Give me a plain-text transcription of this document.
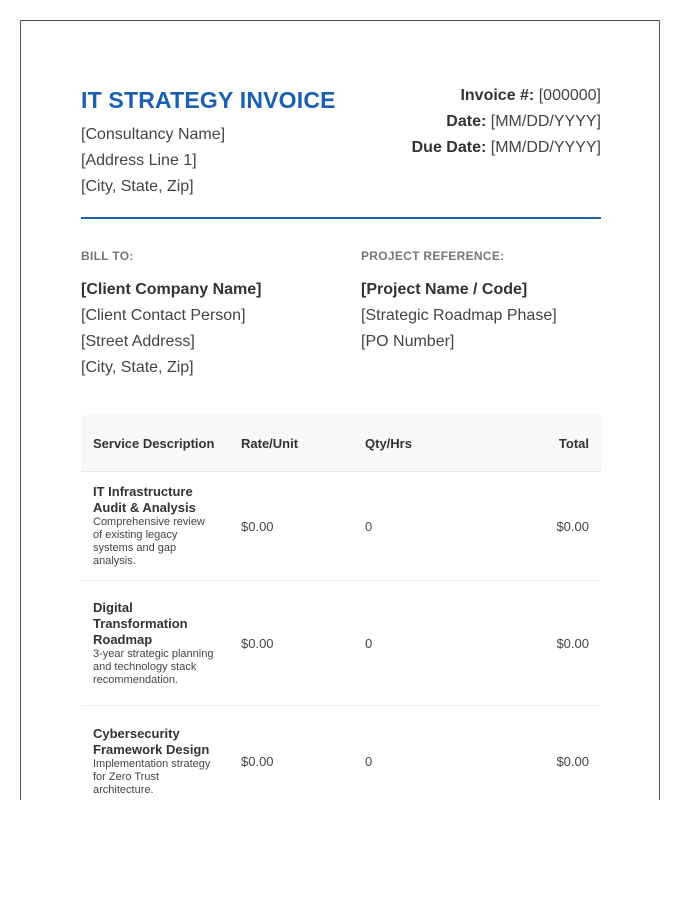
IT STRATEGY INVOICE
[Consultancy Name]
[Address Line 1]
[City, State, Zip]
Invoice #: [000000]
Date: [MM/DD/YYYY]
Due Date: [MM/DD/YYYY]
BILL TO:
[Client Company Name]
[Client Contact Person]
[Street Address]
[City, State, Zip]
PROJECT REFERENCE:
[Project Name / Code]
[Strategic Roadmap Phase]
[PO Number]
Service Description	Rate/Unit	Qty/Hrs	Total

IT Infrastructure Audit & Analysis
Comprehensive review of existing legacy systems and gap analysis.	$0.00	0	$0.00

Digital Transformation Roadmap
3-year strategic planning and technology stack recommendation.	$0.00	0	$0.00

Cybersecurity Framework Design
Implementation strategy for Zero Trust architecture.	$0.00	0	$0.00
